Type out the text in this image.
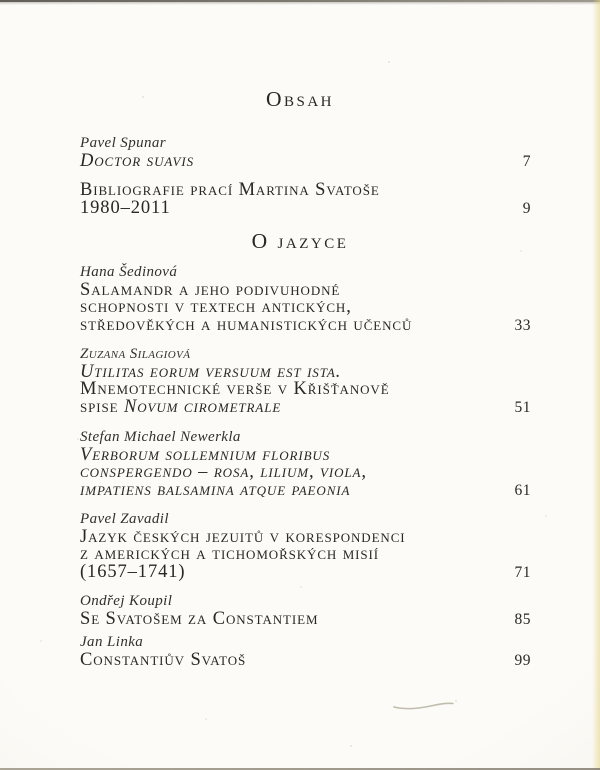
Obsah
Pavel Spunar
Doctor suavis	7
Bibliografie prací Martina Svatoše
1980–2011	9
O jazyce
Hana Šedinová
Salamandr a jeho podivuhodné
schopnosti v textech antických,
středověkých a humanistických učenců	33
Zuzana Silagiová
Utilitas eorum versuum est ista.
Mnemotechnické verše v Křišťanově
spise Novum cirometrale	51
Stefan Michael Newerkla
Verborum sollemnium floribus
conspergendo – rosa, lilium, viola,
impatiens balsamina atque paeonia	61
Pavel Zavadil
Jazyk českých jezuitů v korespondenci
z amerických a tichomořských misií
(1657–1741)	71
Ondřej Koupil
Se Svatošem za Constantiem	85
Jan Linka
Constantiův Svatoš	99
